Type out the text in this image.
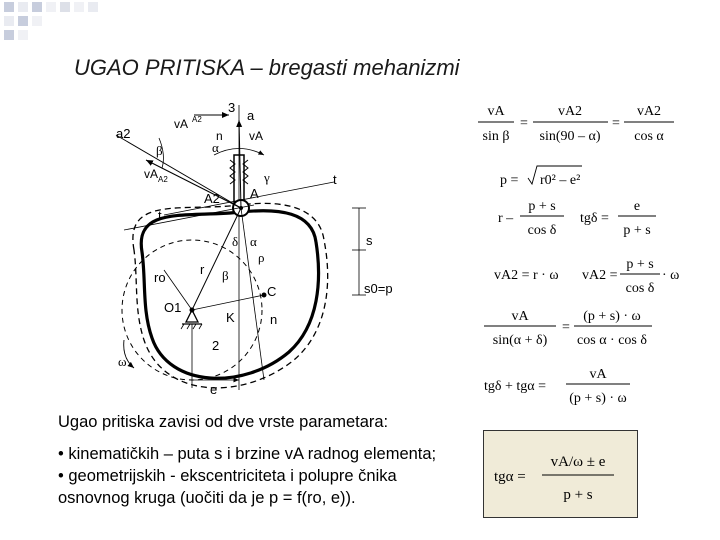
UGAO PRITISKA – bregasti mehanizmi
3
a
a2
vA A2
n vA
β	α
vA A2	γ	t
A
A2
t
δ α
ρ
s
r
ro	β
C	s0=p
O1
K	n
2
ω
e
vA
sin β
=
vA2
sin(90 – α)
=
vA2
cos α
p = r0² – e²
r –
p + s
cos δ
tgδ =
e
p + s
vA2 = r · ω vA2 =
p + s
cos δ
· ω
vA
sin(α + δ)
=
(p + s) · ω
cos α · cos δ
tgδ + tgα =
vA
(p + s) · ω
tgα =
vA/ω ± e
p + s

Ugao pritiska zavisi od dve vrste parametara:

• kinematičkih – puta s i brzine vA radnog elementa;

• geometrijskih - ekscentriciteta i polupre čnika osnovnog kruga (uočiti da je p = f(ro, e)).
